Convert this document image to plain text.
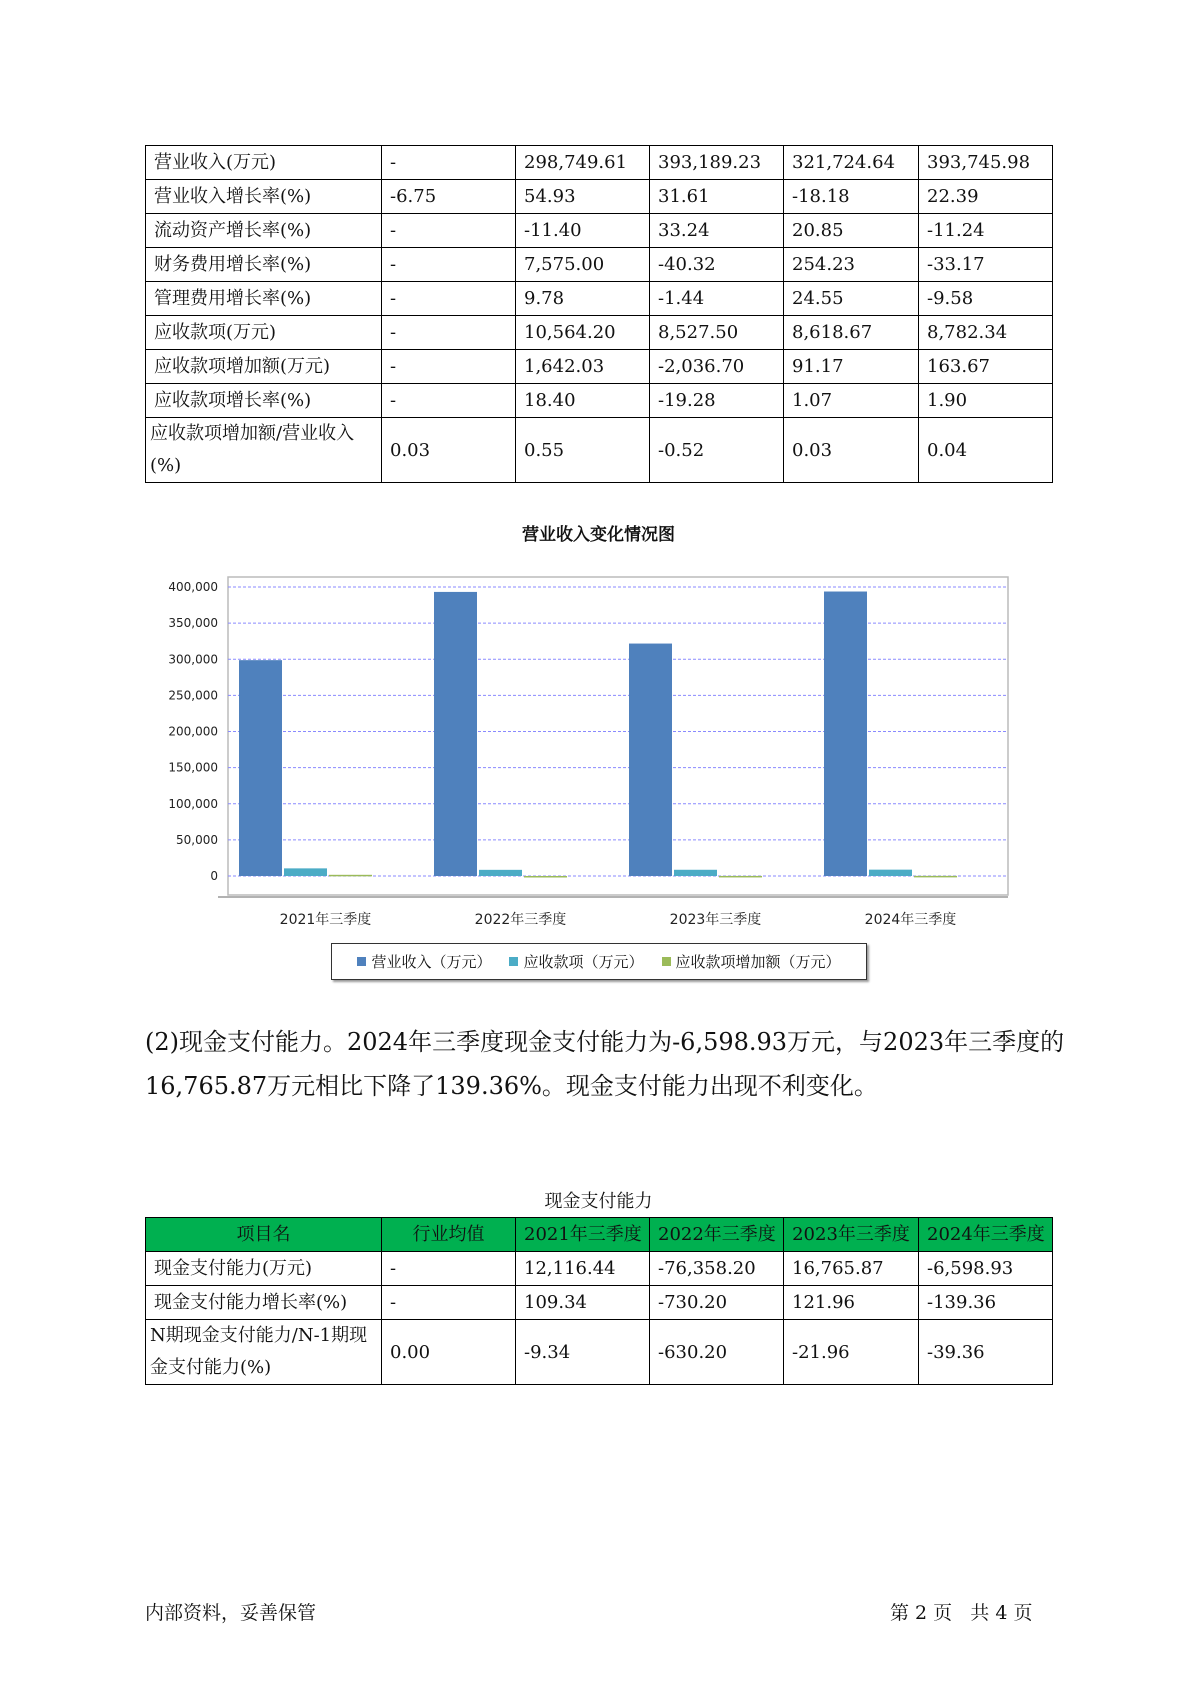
营业收入(万元)	-	298,749.61	393,189.23	321,724.64	393,745.98
营业收入增长率(%)	-6.75	54.93	31.61	-18.18	22.39
流动资产增长率(%)	-	-11.40	33.24	20.85	-11.24
财务费用增长率(%)	-	7,575.00	-40.32	254.23	-33.17
管理费用增长率(%)	-	9.78	-1.44	24.55	-9.58
应收款项(万元)	-	10,564.20	8,527.50	8,618.67	8,782.34
应收款项增加额(万元)	-	1,642.03	-2,036.70	91.17	163.67
应收款项增长率(%)	-	18.40	-19.28	1.07	1.90
应收款项增加额/营业收入(%)	0.03	0.55	-0.52	0.03	0.04
营业收入变化情况图
0
50,000
100,000
150,000
200,000
250,000
300,000
350,000
400,000
2021年三季度	2022年三季度	2023年三季度	2024年三季度
营业收入（万元） 应收款项（万元） 应收款项增加额（万元）
(2)现金支付能力。2024年三季度现金支付能力为-6,598.93万元，与2023年三季度的16,765.87万元相比下降了139.36%。现金支付能力出现不利变化。
现金支付能力
项目名	行业均值	2021年三季度	2022年三季度	2023年三季度	2024年三季度
现金支付能力(万元)	-	12,116.44	-76,358.20	16,765.87	-6,598.93
现金支付能力增长率(%)	-	109.34	-730.20	121.96	-139.36
N期现金支付能力/N-1期现金支付能力(%)	0.00	-9.34	-630.20	-21.96	-39.36
内部资料，妥善保管	第 2 页   共 4 页
